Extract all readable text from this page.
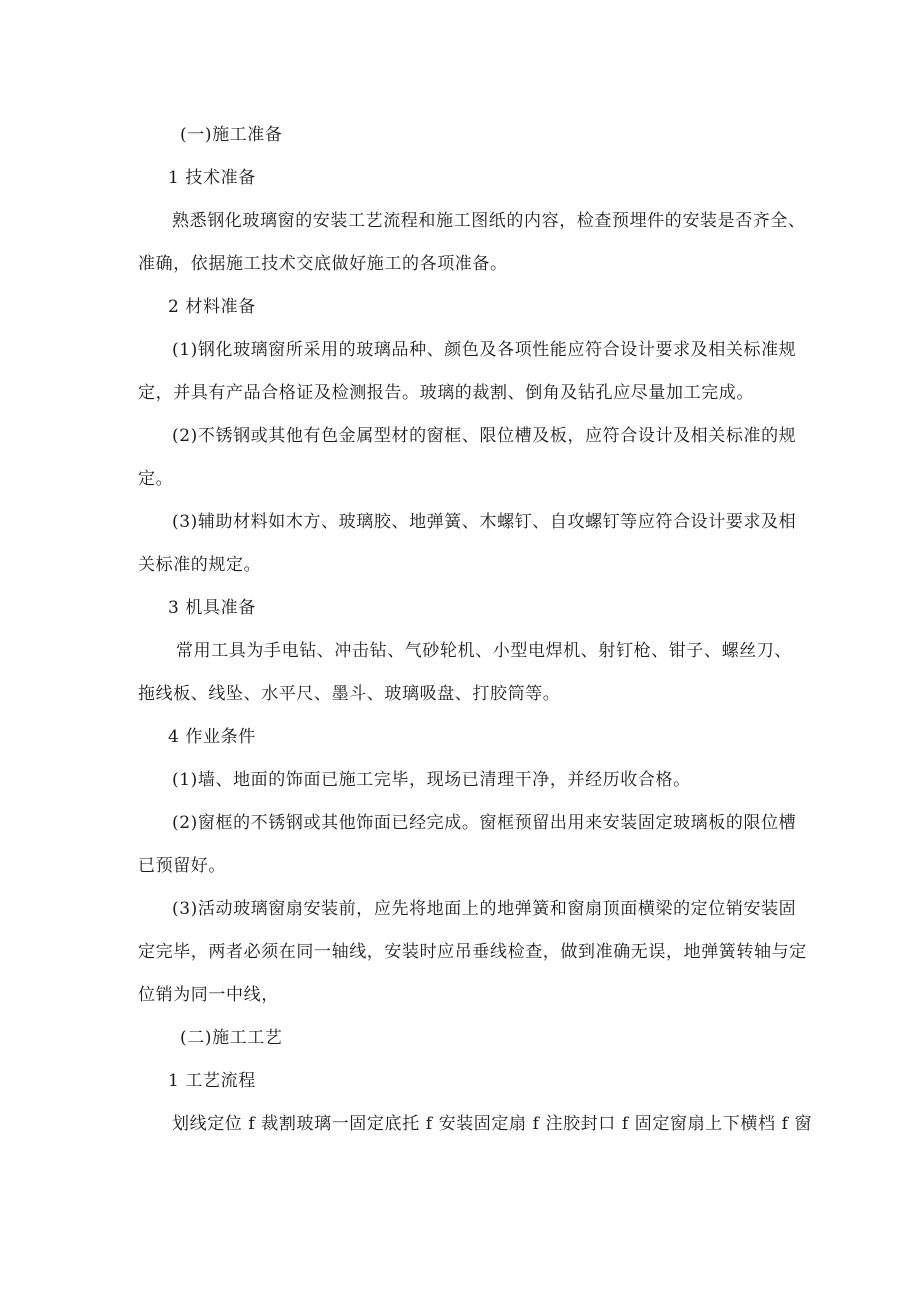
(一)施工准备
1 技术准备
熟悉钢化玻璃窗的安装工艺流程和施工图纸的内容，检查预埋件的安装是否齐全、
准确，依据施工技术交底做好施工的各项准备。
2 材料准备
(1)钢化玻璃窗所采用的玻璃品种、颜色及各项性能应符合设计要求及相关标准规
定，并具有产品合格证及检测报告。玻璃的裁割、倒角及钻孔应尽量加工完成。
(2)不锈钢或其他有色金属型材的窗框、限位槽及板，应符合设计及相关标准的规
定。
(3)辅助材料如木方、玻璃胶、地弹簧、木螺钉、自攻螺钉等应符合设计要求及相
关标准的规定。
3 机具准备
常用工具为手电钻、冲击钻、气砂轮机、小型电焊机、射钉枪、钳子、螺丝刀、
拖线板、线坠、水平尺、墨斗、玻璃吸盘、打胶筒等。
4 作业条件
(1)墙、地面的饰面已施工完毕，现场已清理干净，并经历收合格。
(2)窗框的不锈钢或其他饰面已经完成。窗框预留出用来安装固定玻璃板的限位槽
已预留好。
(3)活动玻璃窗扇安装前，应先将地面上的地弹簧和窗扇顶面横梁的定位销安装固
定完毕，两者必须在同一轴线，安装时应吊垂线检查，做到准确无误，地弹簧转轴与定
位销为同一中线，
(二)施工工艺
1 工艺流程
划线定位 f 裁割玻璃一固定底托 f 安装固定扇 f 注胶封口 f 固定窗扇上下横档 f 窗
